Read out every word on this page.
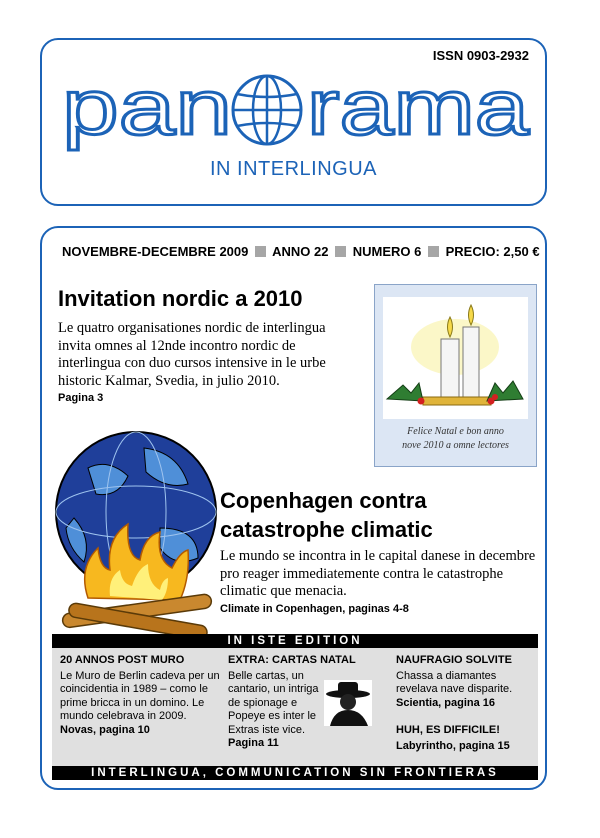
ISSN 0903-2932
pan rama
IN INTERLINGUA
NOVEMBRE-DECEMBRE 2009 ANNO 22 NUMERO 6 PRECIO: 2,50 €
Invitation nordic a 2010
Le quatro organisationes nordic de interlingua invita omnes al 12nde incontro nordic de interlingua con duo cursos intensive in le urbe historic Kalmar, Svedia, in julio 2010.
Pagina 3
Felice Natal e bon anno
nove 2010 a omne lectores
Copenhagen contra
catastrophe climatic
Le mundo se incontra in le capital danese in decembre pro reager immediatemente contra le catastrophe climatic que menacia.
Climate in Copenhagen, paginas 4-8
IN ISTE EDITION
20 ANNOS POST MURO
Le Muro de Berlin cadeva per un coincidentia in 1989 – como le prime bricca in un domino. Le mundo celebrava in 2009.
Novas, pagina 10
EXTRA: CARTAS NATAL
Belle cartas, un cantario, un intriga de spionage e Popeye es inter le Extras iste vice.
Pagina 11
NAUFRAGIO SOLVITE
Chassa a diamantes revelava nave disparite.
Scientia, pagina 16
HUH, ES DIFFICILE!
Labyrintho, pagina 15
INTERLINGUA, COMMUNICATION SIN FRONTIERAS
